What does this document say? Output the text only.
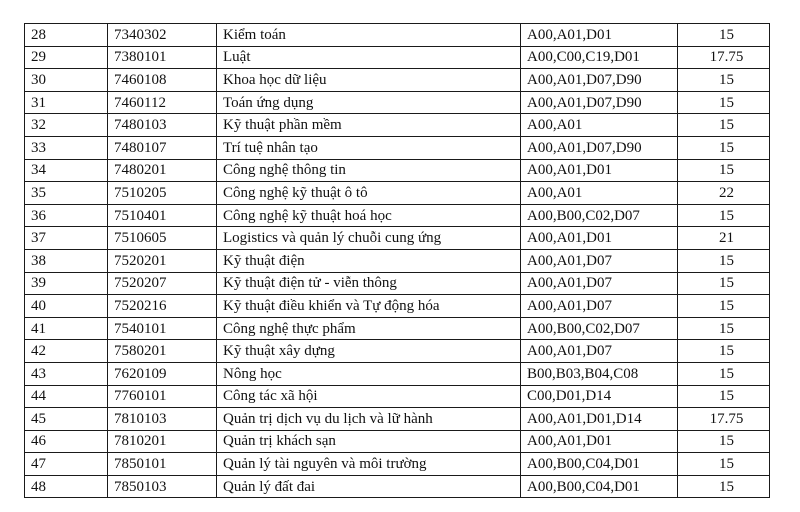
28	7340302	Kiểm toán	A00,A01,D01	15
29	7380101	Luật	A00,C00,C19,D01	17.75
30	7460108	Khoa học dữ liệu	A00,A01,D07,D90	15
31	7460112	Toán ứng dụng	A00,A01,D07,D90	15
32	7480103	Kỹ thuật phần mềm	A00,A01	15
33	7480107	Trí tuệ nhân tạo	A00,A01,D07,D90	15
34	7480201	Công nghệ thông tin	A00,A01,D01	15
35	7510205	Công nghệ kỹ thuật ô tô	A00,A01	22
36	7510401	Công nghệ kỹ thuật hoá học	A00,B00,C02,D07	15
37	7510605	Logistics và quản lý chuỗi cung ứng	A00,A01,D01	21
38	7520201	Kỹ thuật điện	A00,A01,D07	15
39	7520207	Kỹ thuật điện tử - viễn thông	A00,A01,D07	15
40	7520216	Kỹ thuật điều khiển và Tự động hóa	A00,A01,D07	15
41	7540101	Công nghệ thực phẩm	A00,B00,C02,D07	15
42	7580201	Kỹ thuật xây dựng	A00,A01,D07	15
43	7620109	Nông học	B00,B03,B04,C08	15
44	7760101	Công tác xã hội	C00,D01,D14	15
45	7810103	Quản trị dịch vụ du lịch và lữ hành	A00,A01,D01,D14	17.75
46	7810201	Quản trị khách sạn	A00,A01,D01	15
47	7850101	Quản lý tài nguyên và môi trường	A00,B00,C04,D01	15
48	7850103	Quản lý đất đai	A00,B00,C04,D01	15
